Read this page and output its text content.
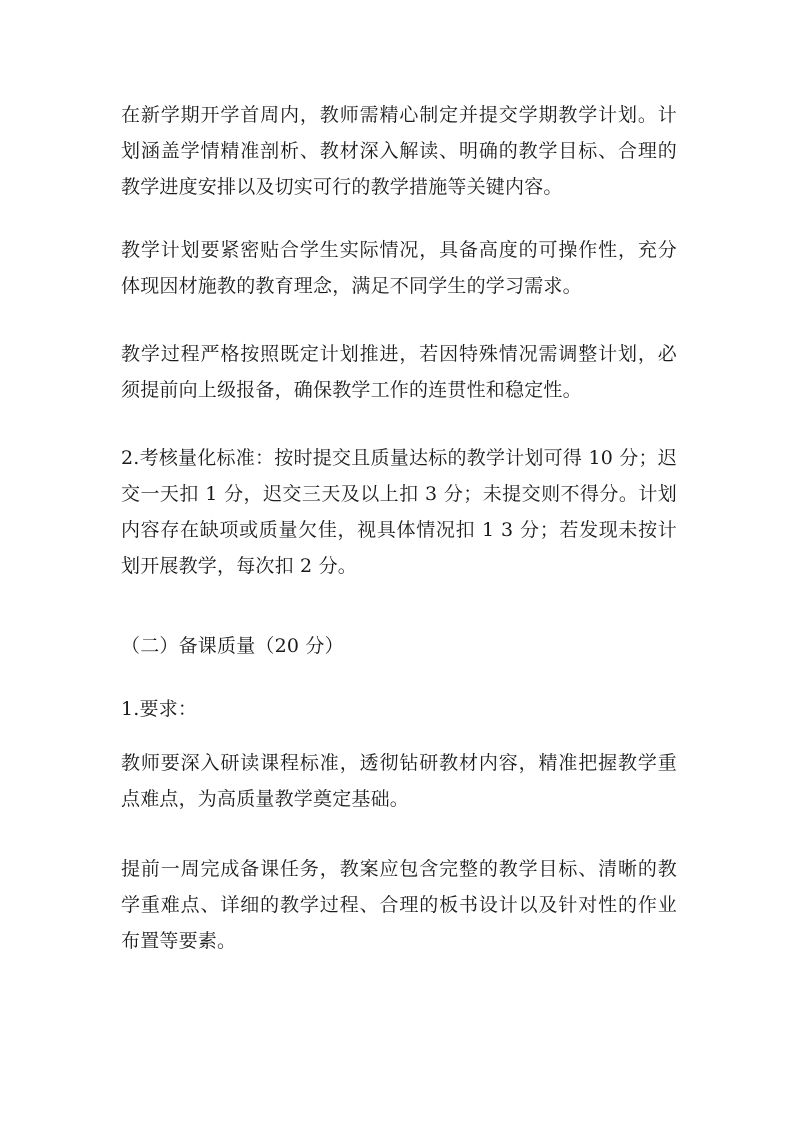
在新学期开学首周内，教师需精心制定并提交学期教学计划。计划涵盖学情精准剖析、教材深入解读、明确的教学目标、合理的教学进度安排以及切实可行的教学措施等关键内容。

教学计划要紧密贴合学生实际情况，具备高度的可操作性，充分体现因材施教的教育理念，满足不同学生的学习需求。

教学过程严格按照既定计划推进，若因特殊情况需调整计划，必须提前向上级报备，确保教学工作的连贯性和稳定性。

2.考核量化标准：按时提交且质量达标的教学计划可得 10 分；迟交一天扣 1 分，迟交三天及以上扣 3 分；未提交则不得分。计划内容存在缺项或质量欠佳，视具体情况扣 1 3 分；若发现未按计划开展教学，每次扣 2 分。

（二）备课质量（20 分）

1.要求：

教师要深入研读课程标准，透彻钻研教材内容，精准把握教学重点难点，为高质量教学奠定基础。

提前一周完成备课任务，教案应包含完整的教学目标、清晰的教学重难点、详细的教学过程、合理的板书设计以及针对性的作业布置等要素。
